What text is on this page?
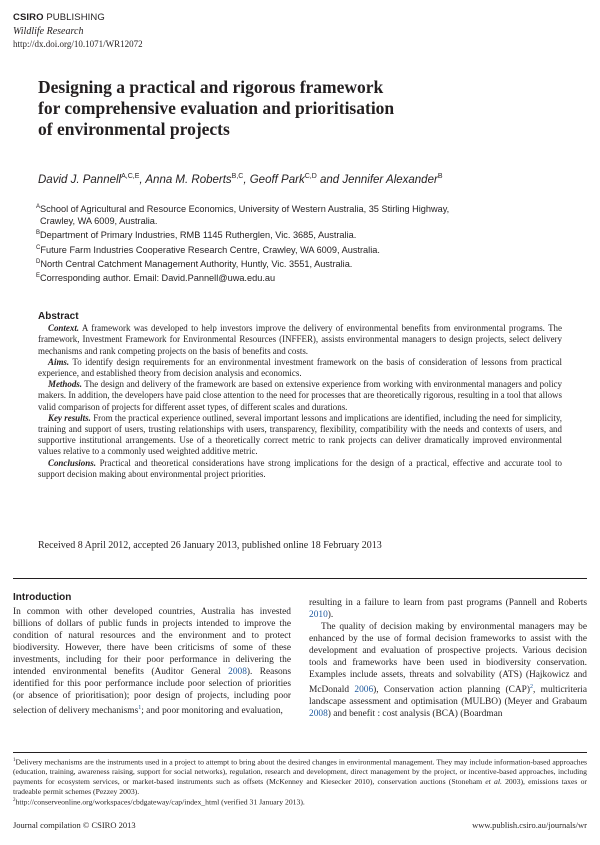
CSIRO PUBLISHING
Wildlife Research
http://dx.doi.org/10.1071/WR12072
Designing a practical and rigorous framework
for comprehensive evaluation and prioritisation
of environmental projects
David J. Pannell$^{A,C,E}$, Anna M. Roberts$^{B,C}$, Geoff Park$^{C,D}$ and Jennifer Alexander$^B$
$^A$School of Agricultural and Resource Economics, University of Western Australia, 35 Stirling Highway,
Crawley, WA 6009, Australia.
$^B$Department of Primary Industries, RMB 1145 Rutherglen, Vic. 3685, Australia.
$^C$Future Farm Industries Cooperative Research Centre, Crawley, WA 6009, Australia.
$^D$North Central Catchment Management Authority, Huntly, Vic. 3551, Australia.
$^E$Corresponding author. Email: David.Pannell@uwa.edu.au
Abstract

Context. A framework was developed to help investors improve the delivery of environmental benefits from environmental programs. The framework, Investment Framework for Environmental Resources (INFFER), assists environmental managers to design projects, select delivery mechanisms and rank competing projects on the basis of benefits and costs.

Aims. To identify design requirements for an environmental investment framework on the basis of consideration of lessons from practical experience, and established theory from decision analysis and economics.

Methods. The design and delivery of the framework are based on extensive experience from working with environmental managers and policy makers. In addition, the developers have paid close attention to the need for processes that are theoretically rigorous, resulting in a tool that allows valid comparison of projects for different asset types, of different scales and durations.

Key results. From the practical experience outlined, several important lessons and implications are identified, including the need for simplicity, training and support of users, trusting relationships with users, transparency, flexibility, compatibility with the needs and contexts of users, and supportive institutional arrangements. Use of a theoretically correct metric to rank projects can deliver dramatically improved environmental values relative to a commonly used weighted additive metric.

Conclusions. Practical and theoretical considerations have strong implications for the design of a practical, effective and accurate tool to support decision making about environmental project priorities.

Received 8 April 2012, accepted 26 January 2013, published online 18 February 2013
Introduction

In common with other developed countries, Australia has invested billions of dollars of public funds in projects intended to improve the condition of natural resources and the environment and to protect biodiversity. However, there have been criticisms of some of these investments, including for their poor performance in delivering the intended environmental benefits (Auditor General 2008). Reasons identified for this poor performance include poor selection of priorities (or absence of prioritisation); poor design of projects, including poor selection of delivery mechanisms$^1$; and poor monitoring and evaluation,

resulting in a failure to learn from past programs (Pannell and Roberts 2010).

The quality of decision making by environmental managers may be enhanced by the use of formal decision frameworks to assist with the development and evaluation of prospective projects. Various decision tools and frameworks have been used in biodiversity conservation. Examples include assets, threats and solvability (ATS) (Hajkowicz and McDonald 2006), Conservation action planning (CAP)$^2$, multicriteria landscape assessment and optimisation (MULBO) (Meyer and Grabaum 2008) and benefit : cost analysis (BCA) (Boardman

$^1$Delivery mechanisms are the instruments used in a project to attempt to bring about the desired changes in environmental management. They may include information-based approaches (education, training, awareness raising, support for social networks), regulation, research and development, direct management by the project, or incentive-based approaches, including payments for ecosystem services, or market-based instruments such as offsets (McKenney and Kiesecker 2010), conservation auctions (Stoneham et al. 2003), emissions taxes or tradeable permit schemes (Pezzey 2003).

$^2$http://conserveonline.org/workspaces/cbdgateway/cap/index_html (verified 31 January 2013).

Journal compilation © CSIRO 2013	www.publish.csiro.au/journals/wr
